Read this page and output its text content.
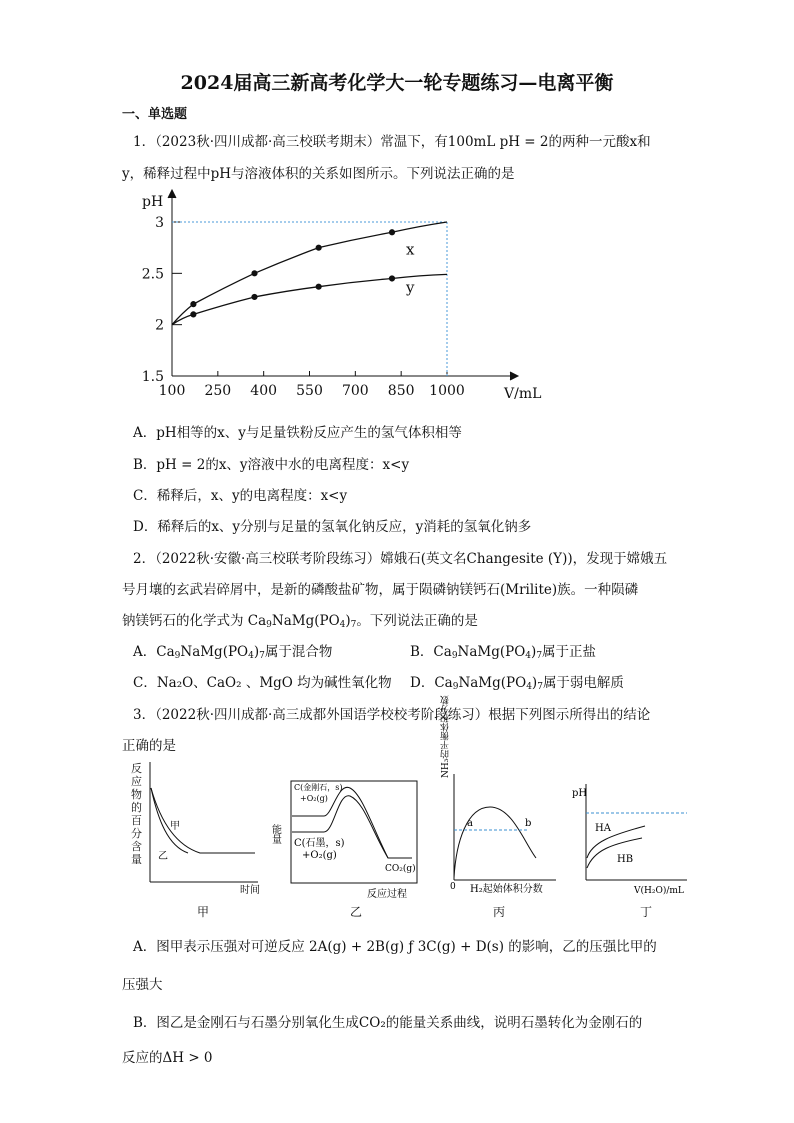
2024届高三新高考化学大一轮专题练习—电离平衡
一、单选题
1．（2023秋·四川成都·高三校联考期末）常温下，有100mL pH = 2的两种一元酸x和
y，稀释过程中pH与溶液体积的关系如图所示。下列说法正确的是
pH
V/mL
1.5
2
2.5
3
100 250 400 550 700 850 1000
x
y
A．pH相等的x、y与足量铁粉反应产生的氢气体积相等
B．pH = 2的x、y溶液中水的电离程度：x<y
C．稀释后，x、y的电离程度：x<y
D．稀释后的x、y分别与足量的氢氧化钠反应，y消耗的氢氧化钠多
2．（2022秋·安徽·高三校联考阶段练习）嫦娥石(英文名Changesite (Y))，发现于嫦娥五
号月壤的玄武岩碎屑中，是新的磷酸盐矿物，属于陨磷钠镁钙石(Mrilite)族。一种陨磷
钠镁钙石的化学式为 $Ca_9NaMg(PO_4)_7$。下列说法正确的是
A．$Ca_9NaMg(PO_4)_7$属于混合物	B．$Ca_9NaMg(PO_4)_7$属于正盐
C．Na₂O、CaO₂ 、MgO 均为碱性氧化物 D．$Ca_9NaMg(PO_4)_7$属于弱电解质
3．（2022秋·四川成都·高三成都外国语学校校考阶段练习）根据下列图示所得出的结论
正确的是
甲
乙
时间
反应物的百分含量
能量
C(金刚石，s)
+O₂(g)
C(石墨，s)
+O₂(g)
CO₂(g)
反应过程
NH₃的平衡体积分数
a	b
0 H₂起始体积分数
pH
HA
HB
V(H₂O)/mL
甲	乙	丙	丁
A．图甲表示压强对可逆反应 2A(g) + 2B(g) ƒ 3C(g) + D(s) 的影响，乙的压强比甲的
压强大
B．图乙是金刚石与石墨分别氧化生成CO₂的能量关系曲线，说明石墨转化为金刚石的
反应的ΔH > 0
